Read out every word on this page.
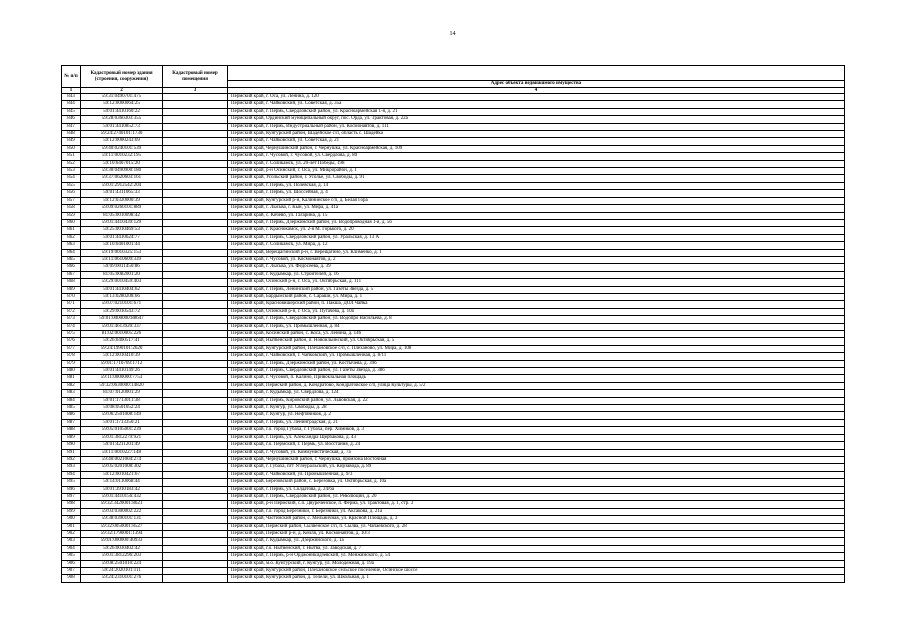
14
№ п/п	Кадастровый номер здания (строения, сооружения)	Кадастровый номер помещения	
			Адрес объекта недвижимого имущества
1	2	3	4
843	59:31:0490701:475		Пермский край, г. Оса, ул. Ленина, д. 120
844	59:12:0000064:25		Пермский край, г. Чайковский, ул. Советская, д. 35а
845	59:01:4410160:22		Пермский край, г. Пермь, Свердловский район, ул. Красноармейская 1-я, д. 21
846	59:28:0360303:355		Пермский край, Ординский муниципальный округ, пос. Орда, ул. Трактовая, д. 22а
847	59:01:4410852:73		Пермский край, г. Пермь, Индустриальный район, ул. Космонавтов, д. 111
848	59:24:2740101:1730		Пермский край, Кунгурский район, Шадейское с/п, область с. Шадейка
849	59:12:0000243:69		Пермский край, г. Чайковский, ул. Советская, д. 21
850	59:40:0240101:539		Пермский край, Чернушинский район, г. Чернушка, ул. Красноармейская, д. 109
851	59:11:0010232:195		Пермский край, г. Чусовой, г. Чусовой, ул. Свердлова, д. 80
852	59:10:0407015:20		Пермский край, г. Соликамск, ул. 20-лет Победы, 198
853	59:30:0490900:180		Пермский край, р-н Осинский, г. Оса, ул. Микрорайон, д. 1
854	59:37:0620603:161		Пермский край, Усольский район, г. Усолье, ул. Свободы, д. 91
855	59:01:2912542:204		Пермский край, г. Пермь, ул. Полевская, д. 14
856	59:01:4311065:33		Пермский край, г. Пермь, ул. Шоссейная, д. 4
857	59:12:0320000:39		Пермский край, Кунгурский р-н, Калининское с/п, д. Белая Гора
858	59:09:0260101:889		Пермский край, г. Лысьва, г. Кын, ул. Мира, д. 41а
859	81:05:0010098:42		Пермский край, с. Кочево, ул. Гагарина, д. 15
860	59:01:4410439:129		Пермский край, г. Пермь, Дзержинский район, ул. Водопроводная 1-я, д. 5б
861	59:25:0010469:53		Пермский край, г. Краснокамск, ул. 2-я М. Горького, д. 20
862	59:01:4410624:77		Пермский край, г. Пермь, Свердловский район, ул. Уральская, д. 13 А
863	59:10:0401001:44		Пермский край, г. Соликамск, ул. Мира, д. 12
864	59:19:0010325:153		Пермский край, Верещагинский р-н, г. Верещагино, ул. Клименко, д. 1
865	59:11:0610609:339		Пермский край, г. Чусовой, ул. Космонавтов, д. 2
866	59:09:0011450:86		Пермский край, г. Лысьва, ул. Федосеева, д. 39
867	81:05:0082001:20		Пермский край, г. Кудымкар, ул. Строителей, д. 16
868	59:29:0010459:403		Пермский край, Осинский р-н, г. Оса, ул. Октябрьская, д. 111
869	59:01:4410404:62		Пермский край, г. Пермь, Ленинский район, ул. Газеты Звезда, д. 5
870	59:13:0280208:66		Пермский край, Бардымский район, с. Сараши, ул. Мира, д. 1
871	59:07:0210101:671		Пермский край, Красновишерский район, п. Пакша, ДОЛ Чайка
872	59:29:0010543:72		Пермский край, Осинский р-н, г. Оса, ул. Пугачева, д. 10а
873	59:01:0000000:88647		Пермский край, г. Пермь, Свердловский район, ул. Водопро Васильева, д. 8
874	59:01:4613920:337		Пермский край, г. Пермь, ул. Промышленная, д. 84
875	81:02:0010005:226		Пермский край, Косинский район, с. Коса, ул. Ленина, д. 146
876	59:26:0460517:41		Пермский край, Нытвенский район, п. Новоильинский, ул. Октябрьская, д. 5
877	59:24:1990101:2620		Пермский край, Кунгурский район, Плехановское с/п, с. Плеханово, ул. Мира, д. 108
878	59:12:0010410:39		Пермский край, г. Чайковский, г. Чайковский, ул. Промышленная, д. 8/11
879	59:01:1710769:1712		Пермский край, г. Пермь, Дзержинский район, ул. Костычева, д. 39б
880	59:01:4410149:26		Пермский край, г. Пермь, Свердловский район, ул. Газеты Звезда, д. 38б
881	59:11:0000000:7753		Пермский край, г. Чусовой, п. Калино, Привокзальная площадь
882	59:32:0630000:14820		Пермский край, Пермский район, д. Кондратово, Кондратовское с/п, улица Культуры, д. 5/2
883	81:07:0120001:29		Пермский край, г. Кудымкар, ул. Свердлова, д. 124
884	59:01:1713011:38		Пермский край, г. Пермь, Кировский район, ул. Львовская, д. 22
885	59:08:0501052:24		Пермский край, г. Кунгур, ул. Свободы, д. 28
886	59:06:2501008:149		Пермский край, г. Кунгур, ул. Нефтяников, д. 2
887	59:01:1713350:21		Пермский край, г. Пермь, ул. Ленинградская, д. 21
888	59:05:0105001:239		Пермский край, г.о. город Губаха, г. Губаха, пер. Химиков, д. 3
889	59:01:3812279:921		Пермский край, г. Пермь, ул. Александра Щербакова, д. 43
890	59:01:4211201:49		Пермский край, г.о. Пермский, г. Пермь, ул. Восстания, д. 24
891	59:11:0010227:148		Пермский край, г. Чусовой, ул. Коммунистическая, д. 7а
892	59:40:0021004:274		Пермский край, Чернушинский район, г. Чернушка, промзона Восточная
893	59:05:0201008:302		Пермский край, г. Губаха, пгт Углеуральский, ул. Кирзавода, д. 89
894	59:12:0010421:67		Пермский край, г. Чайковский, ул. Промышленная, д. 9/3
895	59:14:0110068:44		Пермский край, Березовский район, с. Березовка, ул. Октябрьская, д. 10а
896	59:01:3910183:42		Пермский край, г. Пермь, ул. Солдатова, д. 24/6а
897	59:01:4410156:432		Пермский край, г. Пермь, Свердловский район, ул. Революции, д. 20
898	59:32:3420001:8621		Пермский край, р-н Пермский, с.п. Двуреченское, п. Ферма, ул. Трактовая, д. 1, стр. 3
899	59:03:0300002:222		Пермский край, г.о. город Березники, г. Березники, ул. Аксакова, д. 21а
900	59:38:0390101:131		Пермский край, Частинский район, с. Мельничная, ул. Красной Площадь, д. 3
901	59:32:0050001:8527		Пермский край, Пермский район, Сылвенское с/п, п. Сылва, ул. Чапаевского, д. 28
902	59:32:1790001:1394		Пермский край, Пермский р-н, д. Кеиля, ул. Космонавтов, д. 10/3
903	59:01:000000:40933		Пермский край, г. Кудымкар, ул. Дзержинского, д. 1а
904	59:26:0030402:42		Пермский край, г.о. Нытвенский, г. Нытва, ул. Заводская, д. 7
905	59:01:3812296:203		Пермский край, г. Пермь, р-н Орджоникидзевский, ул. Менжинского, д. 54
906	59:08:2501010:224		Пермский край, м.о. Кунгурский, г. Кунгур, ул. Молодежная, д. 19а
907	59:24:2020101:111		Пермский край, Кунгурский район, Плехановское сельское поселение, Осинское шоссе
908	59:24:2310101:276		Пермский край, Кунгурский район, д. Телели, ул. Школьная, д. 1
